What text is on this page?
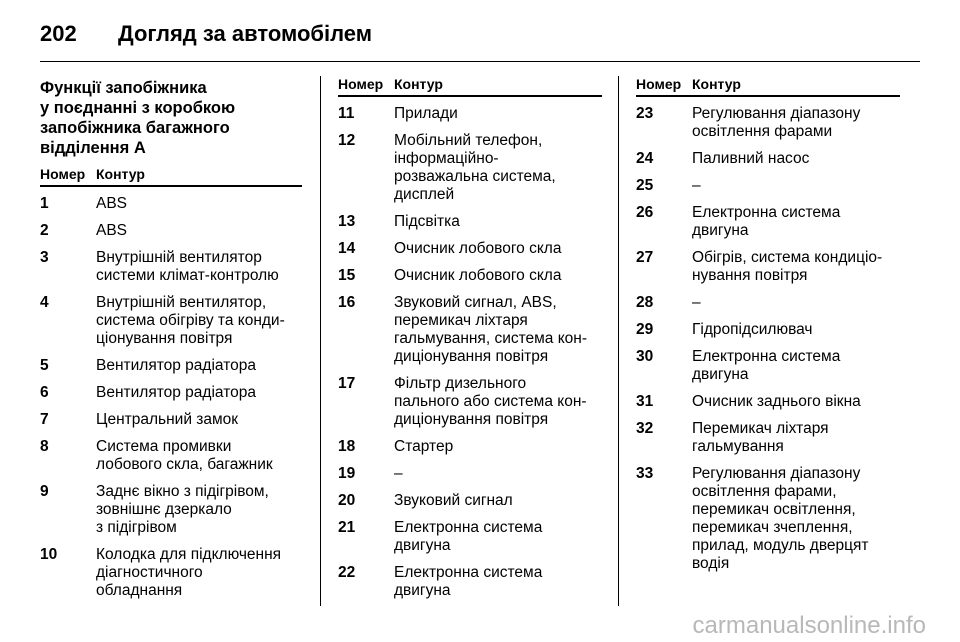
202	Догляд за автомобілем
Функції запобіжника
у поєднанні з коробкою
запобіжника багажного
відділення А
Номер Контур
1	ABS
2	ABS
3	Внутрішній вентилятор
системи клімат-контролю
4	Внутрішній вентилятор,
система обігріву та конди-
ціонування повітря
5	Вентилятор радіатора
6	Вентилятор радіатора
7	Центральний замок
8	Система промивки
лобового скла, багажник
9	Заднє вікно з підігрівом,
зовнішнє дзеркало
з підігрівом
10	Колодка для підключення
діагностичного
обладнання
Номер Контур
11	Прилади
12	Мобільний телефон,
інформаційно-
розважальна система,
дисплей
13	Підсвітка
14	Очисник лобового скла
15	Очисник лобового скла
16	Звуковий сигнал, ABS,
перемикач ліхтаря
гальмування, система кон-
диціонування повітря
17	Фільтр дизельного
пального або система кон-
диціонування повітря
18	Стартер
19	–
20	Звуковий сигнал
21	Електронна система
двигуна
22	Електронна система
двигуна
Номер Контур
23	Регулювання діапазону
освітлення фарами
24	Паливний насос
25	–
26	Електронна система
двигуна
27	Обігрів, система кондиціо-
нування повітря
28	–
29	Гідропідсилювач
30	Електронна система
двигуна
31	Очисник заднього вікна
32	Перемикач ліхтаря
гальмування
33	Регулювання діапазону
освітлення фарами,
перемикач освітлення,
перемикач зчеплення,
прилад, модуль дверцят
водія
carmanualsonline.info
